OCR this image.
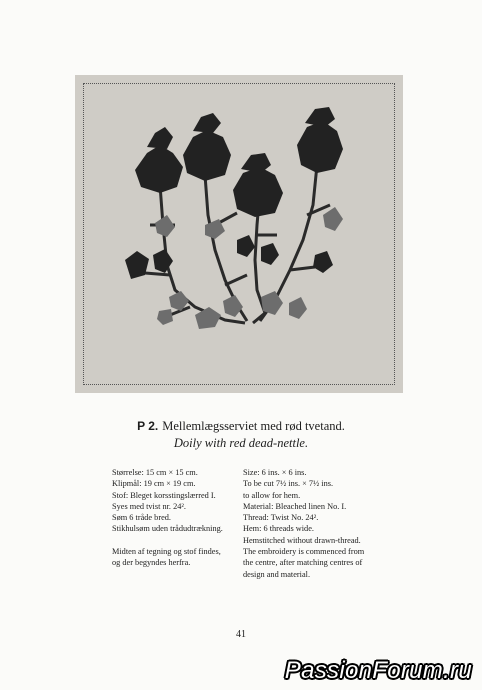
P 2. Mellemlægsserviet med rød tvetand.
Doily with red dead-nettle.
Størrelse: 15 cm × 15 cm.
Klipmål: 19 cm × 19 cm.
Stof: Bleget korsstingslærred I.
Syes med tvist nr. 24².
Søm 6 tråde bred.
Stikhulsøm uden trådudtrækning.
Midten af tegning og stof findes,
og der begyndes herfra.
Size: 6 ins. × 6 ins.
To be cut 7½ ins. × 7½ ins.
to allow for hem.
Material: Bleached linen No. I.
Thread: Twist No. 24².
Hem: 6 threads wide.
Hemstitched without drawn-thread.
The embroidery is commenced from
the centre, after matching centres of
design and material.
41
PassionForum.ru
